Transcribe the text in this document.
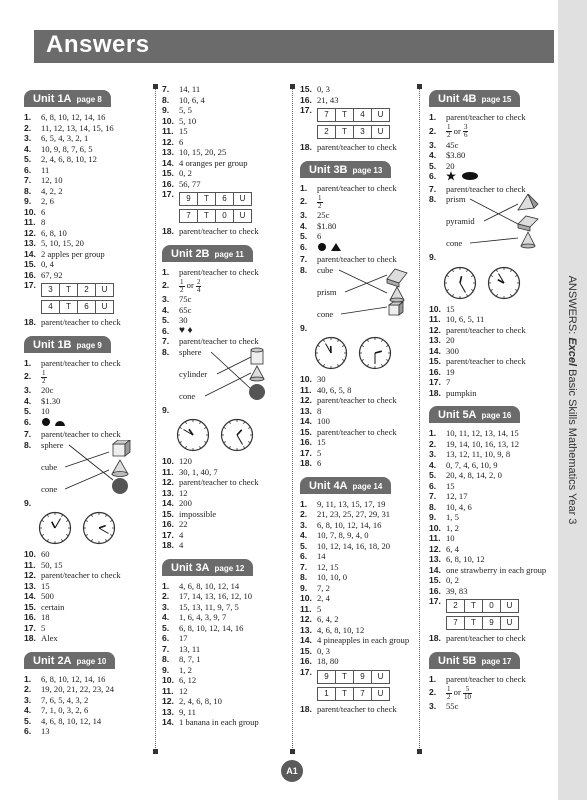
Answers
ANSWERS: Excel Basic Skills Mathematics Year 3
Unit 1A page 8
1.	6, 8, 10, 12, 14, 16
2.	11, 12, 13, 14, 15, 16
3.	6, 5, 4, 3, 2, 1
4.	10, 9, 8, 7, 6, 5
5.	2, 4, 6, 8, 10, 12
6.	11
7.	12, 10
8.	4, 2, 2
9.	2, 6
10. 6
11. 8
12. 6, 8, 10
13. 5, 10, 15, 20
14. 2 apples per group
15. 0, 4
16. 67, 92
17.	3	T	2	U
4	T	6	U
18. parent/teacher to check
Unit 1B page 9
1.	parent/teacher to check
2.	$\frac{1}{2}$
3.	20c
4.	$1.30
5.	10
6.
7.	parent/teacher to check
8.	sphere
cube
cone
9.
10. 60
11. 50, 15
12. parent/teacher to check
13. 15
14. 500
15. certain
16. 18
17. 5
18. Alex
Unit 2A page 10
1.	6, 8, 10, 12, 14, 16
2.	19, 20, 21, 22, 23, 24
3.	7, 6, 5, 4, 3, 2
4.	7, 1, 0, 3, 2, 6
5.	4, 6, 8, 10, 12, 14
6.	13
7.	14, 11
8.	10, 6, 4
9.	5, 5
10. 5, 10
11. 15
12. 6
13. 10, 15, 20, 25
14. 4 oranges per group
15. 0, 2
16. 56, 77
17.	9	T	6	U
7	T	0	U
18. parent/teacher to check
Unit 2B page 11
1.	parent/teacher to check
2.	$\frac{1}{2}$ or $\frac{2}{4}$
3.	75c
4.	65c
5.	30
6. ♥ ♦
7.	parent/teacher to check
8.	sphere
cylinder
cone
9.
10. 120
11. 30, 1, 40, 7
12. parent/teacher to check
13. 12
14. 200
15. impossible
16. 22
17. 4
18. 4
Unit 3A page 12
1.	4, 6, 8, 10, 12, 14
2.	17, 14, 13, 16, 12, 10
3.	15, 13, 11, 9, 7, 5
4.	1, 6, 4, 3, 9, 7
5.	6, 8, 10, 12, 14, 16
6.	17
7.	13, 11
8.	8, 7, 1
9.	1, 2
10. 6, 12
11. 12
12. 2, 4, 6, 8, 10
13. 9, 11
14. 1 banana in each group
15. 0, 3
16. 21, 43
17.	7	T	4	U
2	T	3	U
18. parent/teacher to check
Unit 3B page 13
1.	parent/teacher to check
2.	$\frac{1}{2}$
3.	25c
4.	$1.80
5.	6
6.
7.	parent/teacher to check
8.	cube
prism
cone
9.
10. 30
11. 40, 6, 5, 8
12. parent/teacher to check
13. 8
14. 100
15. parent/teacher to check
16. 15
17. 5
18. 6
Unit 4A page 14
1.	9, 11, 13, 15, 17, 19
2.	21, 23, 25, 27, 29, 31
3.	6, 8, 10, 12, 14, 16
4.	10, 7, 8, 9, 4, 0
5.	10, 12, 14, 16, 18, 20
6.	14
7.	12, 15
8.	10, 10, 0
9.	7, 2
10. 2, 4
11. 5
12. 6, 4, 2
13. 4, 6, 8, 10, 12
14. 4 pineapples in each group
15. 0, 3
16. 18, 80
17.	9	T	9	U
1	T	7	U
18. parent/teacher to check
Unit 4B page 15
1.	parent/teacher to check
2.	$\frac{1}{2}$ or $\frac{3}{6}$
3.	45c
4.	$3.80
5.	20
6.
7.	parent/teacher to check
8.	prism
pyramid
cone
9.
10. 15
11. 10, 6, 5, 11
12. parent/teacher to check
13. 20
14. 300
15. parent/teacher to check
16. 19
17. 7
18. pumpkin
Unit 5A page 16
1.	10, 11, 12, 13, 14, 15
2.	19, 14, 10, 16, 13, 12
3.	13, 12, 11, 10, 9, 8
4.	0, 7, 4, 6, 10, 9
5.	20, 4, 8, 14, 2, 0
6.	15
7.	12, 17
8.	10, 4, 6
9.	1, 5
10. 1, 2
11. 10
12. 6, 4
13. 6, 8, 10, 12
14. one strawberry in each group
15. 0, 2
16. 39, 83
17.	2	T	0	U
7	T	9	U
18. parent/teacher to check
Unit 5B page 17
1.	parent/teacher to check
2.	$\frac{1}{2}$ or $\frac{5}{10}$
3.	55c
A1
